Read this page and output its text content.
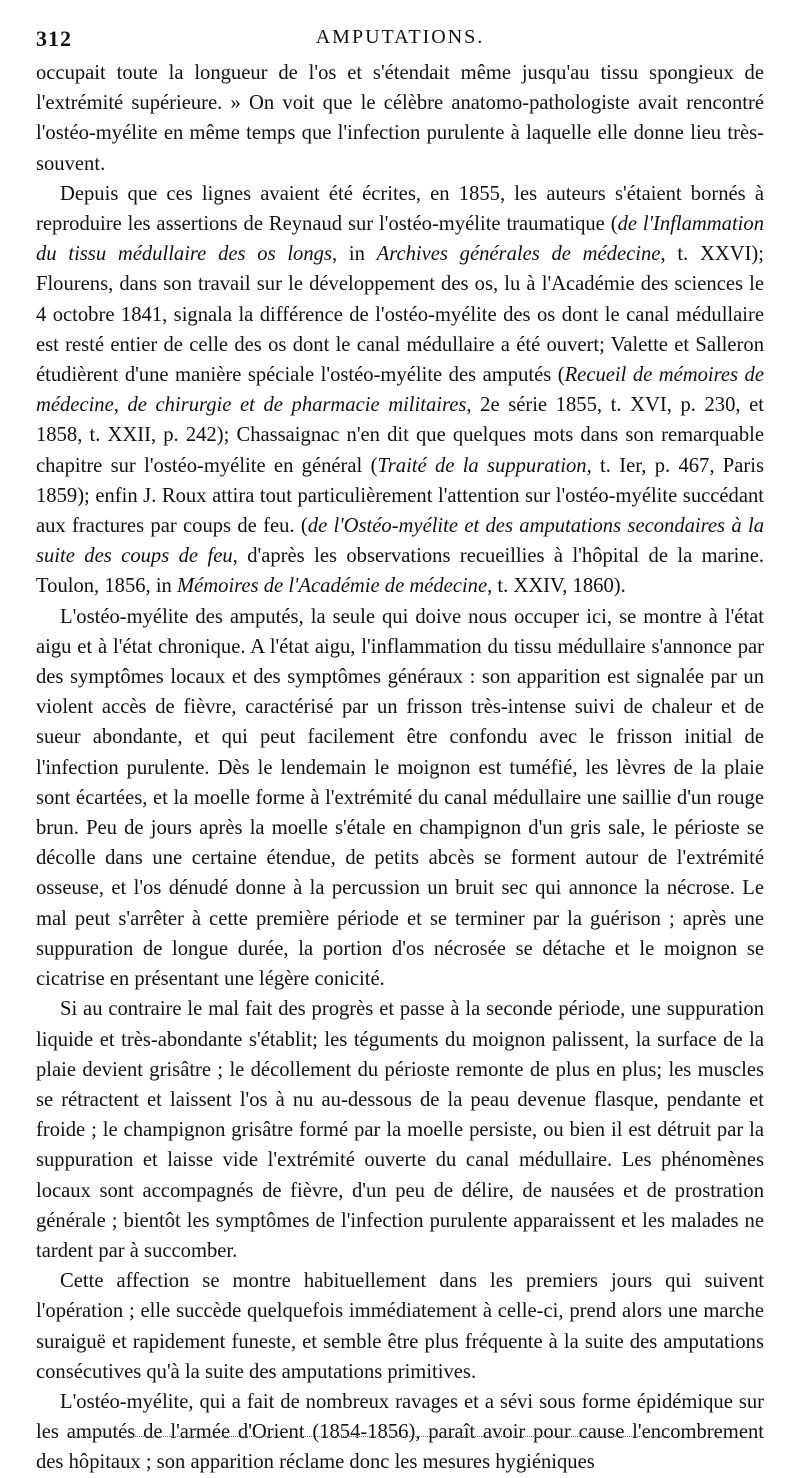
312	AMPUTATIONS.

occupait toute la longueur de l'os et s'étendait même jusqu'au tissu spongieux de l'extrémité supérieure. » On voit que le célèbre anatomo-pathologiste avait rencontré l'ostéo-myélite en même temps que l'infection purulente à laquelle elle donne lieu très-souvent.

Depuis que ces lignes avaient été écrites, en 1855, les auteurs s'étaient bornés à reproduire les assertions de Reynaud sur l'ostéo-myélite traumatique (de l'Inflammation du tissu médullaire des os longs, in Archives générales de médecine, t. XXVI); Flourens, dans son travail sur le développement des os, lu à l'Académie des sciences le 4 octobre 1841, signala la différence de l'ostéo-myélite des os dont le canal médullaire est resté entier de celle des os dont le canal médullaire a été ouvert; Valette et Salleron étudièrent d'une manière spéciale l'ostéo-myélite des amputés (Recueil de mémoires de médecine, de chirurgie et de pharmacie militaires, 2e série 1855, t. XVI, p. 230, et 1858, t. XXII, p. 242); Chassaignac n'en dit que quelques mots dans son remarquable chapitre sur l'ostéo-myélite en général (Traité de la suppuration, t. Ier, p. 467, Paris 1859); enfin J. Roux attira tout particulièrement l'attention sur l'ostéo-myélite succédant aux fractures par coups de feu. (de l'Ostéo-myélite et des amputations secondaires à la suite des coups de feu, d'après les observations recueillies à l'hôpital de la marine. Toulon, 1856, in Mémoires de l'Académie de médecine, t. XXIV, 1860).

L'ostéo-myélite des amputés, la seule qui doive nous occuper ici, se montre à l'état aigu et à l'état chronique. A l'état aigu, l'inflammation du tissu médullaire s'annonce par des symptômes locaux et des symptômes généraux : son apparition est signalée par un violent accès de fièvre, caractérisé par un frisson très-intense suivi de chaleur et de sueur abondante, et qui peut facilement être confondu avec le frisson initial de l'infection purulente. Dès le lendemain le moignon est tuméfié, les lèvres de la plaie sont écartées, et la moelle forme à l'extrémité du canal médullaire une saillie d'un rouge brun. Peu de jours après la moelle s'étale en champignon d'un gris sale, le périoste se décolle dans une certaine étendue, de petits abcès se forment autour de l'extrémité osseuse, et l'os dénudé donne à la percussion un bruit sec qui annonce la nécrose. Le mal peut s'arrêter à cette première période et se terminer par la guérison ; après une suppuration de longue durée, la portion d'os nécrosée se détache et le moignon se cicatrise en présentant une légère conicité.

Si au contraire le mal fait des progrès et passe à la seconde période, une suppuration liquide et très-abondante s'établit; les téguments du moignon palissent, la surface de la plaie devient grisâtre ; le décollement du périoste remonte de plus en plus; les muscles se rétractent et laissent l'os à nu au-dessous de la peau devenue flasque, pendante et froide ; le champignon grisâtre formé par la moelle persiste, ou bien il est détruit par la suppuration et laisse vide l'extrémité ouverte du canal médullaire. Les phénomènes locaux sont accompagnés de fièvre, d'un peu de délire, de nausées et de prostration générale ; bientôt les symptômes de l'infection purulente apparaissent et les malades ne tardent par à succomber.

Cette affection se montre habituellement dans les premiers jours qui suivent l'opération ; elle succède quelquefois immédiatement à celle-ci, prend alors une marche suraiguë et rapidement funeste, et semble être plus fréquente à la suite des amputations consécutives qu'à la suite des amputations primitives.

L'ostéo-myélite, qui a fait de nombreux ravages et a sévi sous forme épidémique sur les amputés de l'armée d'Orient (1854-1856), paraît avoir pour cause l'encombrement des hôpitaux ; son apparition réclame donc les mesures hygiéniques
